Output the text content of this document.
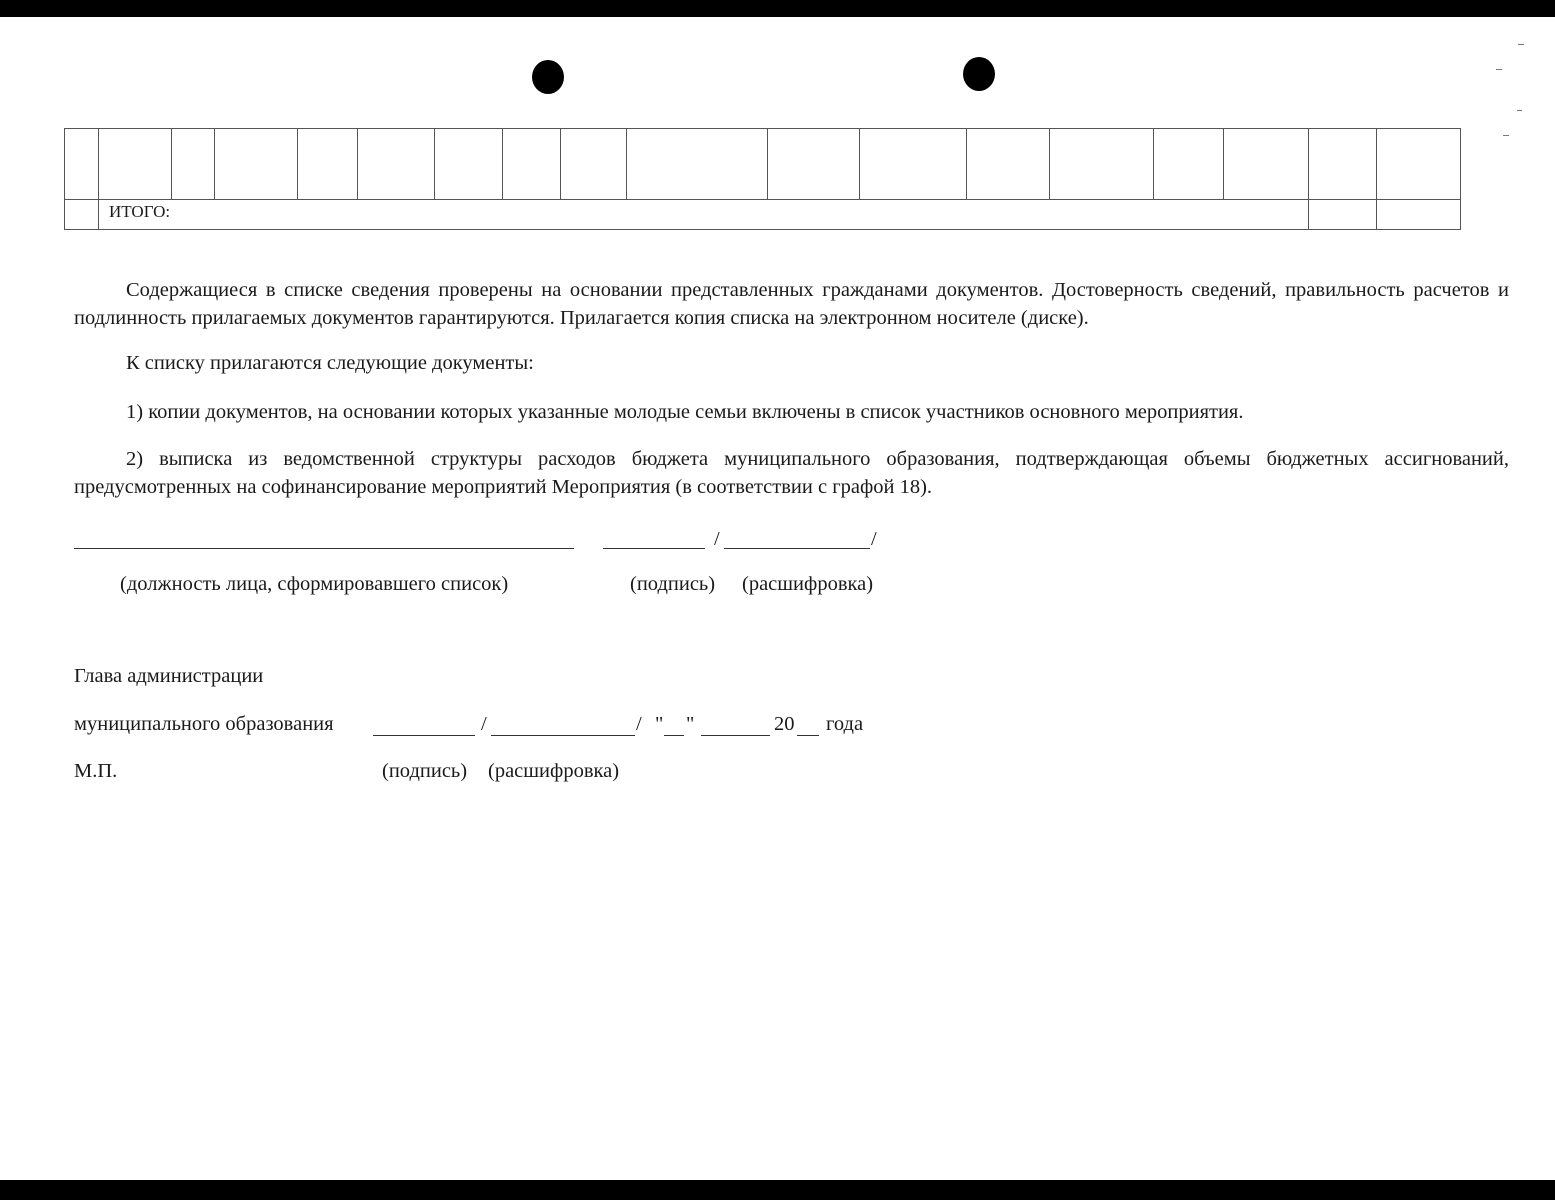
	ИТОГО:																
Содержащиеся в списке сведения проверены на основании представленных гражданами документов. Достоверность сведений, правильность расчетов и подлинность прилагаемых документов гарантируются. Прилагается копия списка на электронном носителе (диске).
К списку прилагаются следующие документы:
1) копии документов, на основании которых указанные молодые семьи включены в список участников основного мероприятия.
2) выписка из ведомственной структуры расходов бюджета муниципального образования, подтверждающая объемы бюджетных ассигнований, предусмотренных на софинансирование мероприятий Мероприятия (в соответствии с графой 18).
/	/
(должность лица, сформировавшего список)	(подпись) (расшифровка)
Глава администрации
муниципального образования	/	/ " "	20 года
М.П.	(подпись) (расшифровка)
